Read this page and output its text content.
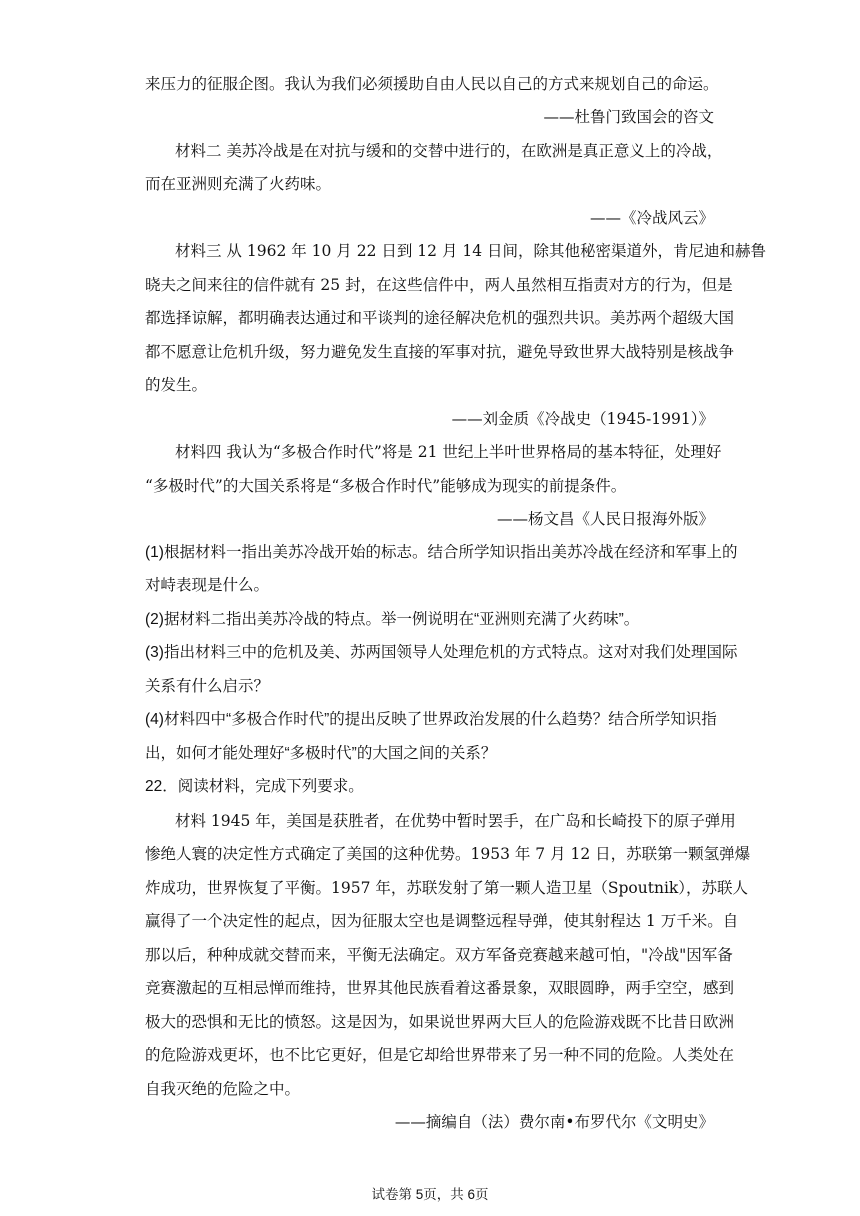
来压力的征服企图。我认为我们必须援助自由人民以自己的方式来规划自己的命运。
——杜鲁门致国会的咨文
材料二 美苏冷战是在对抗与缓和的交替中进行的，在欧洲是真正意义上的冷战，
而在亚洲则充满了火药味。
——《冷战风云》
材料三 从 1962 年 10 月 22 日到 12 月 14 日间，除其他秘密渠道外，肯尼迪和赫鲁
晓夫之间来往的信件就有 25 封，在这些信件中，两人虽然相互指责对方的行为，但是
都选择谅解，都明确表达通过和平谈判的途径解决危机的强烈共识。美苏两个超级大国
都不愿意让危机升级，努力避免发生直接的军事对抗，避免导致世界大战特别是核战争
的发生。
——刘金质《冷战史（1945-1991）》
材料四 我认为“多极合作时代”将是 21 世纪上半叶世界格局的基本特征，处理好
“多极时代”的大国关系将是“多极合作时代”能够成为现实的前提条件。
——杨文昌《人民日报海外版》
(1)根据材料一指出美苏冷战开始的标志。结合所学知识指出美苏冷战在经济和军事上的
对峙表现是什么。
(2)据材料二指出美苏冷战的特点。举一例说明在“亚洲则充满了火药味”。
(3)指出材料三中的危机及美、苏两国领导人处理危机的方式特点。这对对我们处理国际
关系有什么启示？
(4)材料四中“多极合作时代”的提出反映了世界政治发展的什么趋势？结合所学知识指
出，如何才能处理好“多极时代”的大国之间的关系？
22．阅读材料，完成下列要求。
材料 1945 年，美国是获胜者，在优势中暂时罢手，在广岛和长崎投下的原子弹用
惨绝人寰的决定性方式确定了美国的这种优势。1953 年 7 月 12 日，苏联第一颗氢弹爆
炸成功，世界恢复了平衡。1957 年，苏联发射了第一颗人造卫星（Spoutnik），苏联人
赢得了一个决定性的起点，因为征服太空也是调整远程导弹，使其射程达 1 万千米。自
那以后，种种成就交替而来，平衡无法确定。双方军备竞赛越来越可怕，"冷战"因军备
竞赛激起的互相忌惮而维持，世界其他民族看着这番景象，双眼圆睁，两手空空，感到
极大的恐惧和无比的愤怒。这是因为，如果说世界两大巨人的危险游戏既不比昔日欧洲
的危险游戏更坏，也不比它更好，但是它却给世界带来了另一种不同的危险。人类处在
自我灭绝的危险之中。
——摘编自（法）费尔南•布罗代尔《文明史》
试卷第 5页，共 6页
